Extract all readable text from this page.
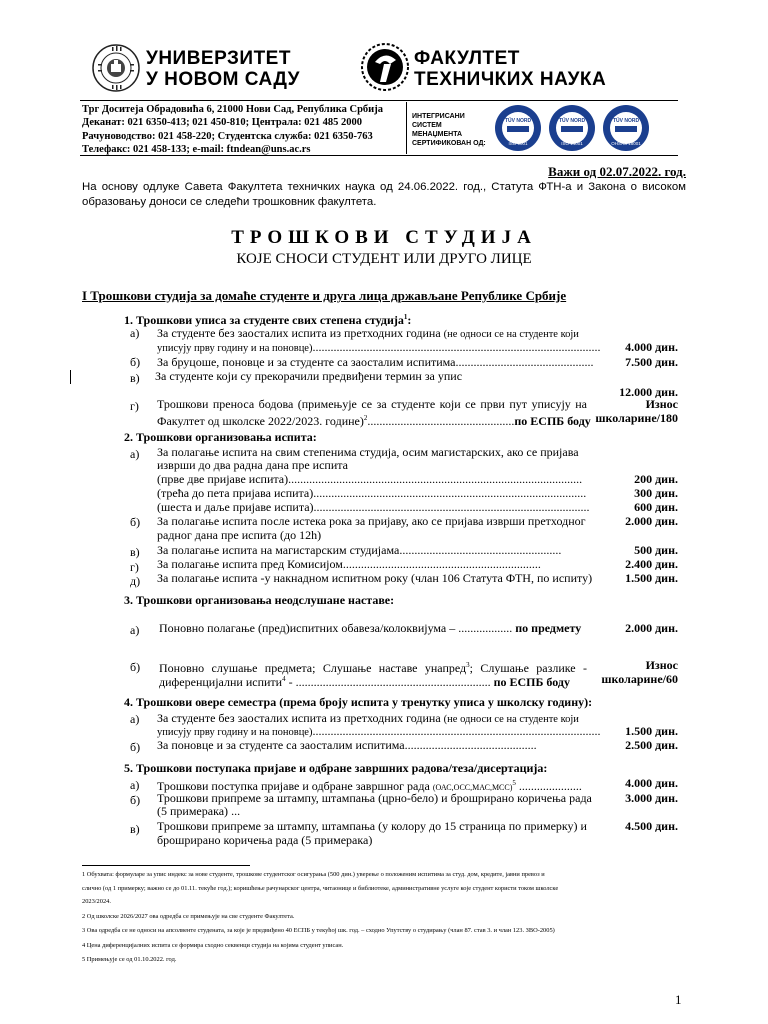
УНИВЕРЗИТЕТ
У НОВОМ САДУ
ФАКУЛТЕТ
ТЕХНИЧКИХ НАУКА
Трг Доситеја Обрадовића 6, 21000 Нови Сад, Република Србија
Деканат: 021 6350-413; 021 450-810; Централа: 021 485 2000
Рачуноводство: 021 458-220; Студентска служба: 021 6350-763
Телефакс: 021 458-133; e-mail: ftndean@uns.ac.rs
ИНТЕГРИСАНИ
СИСТЕМ
МЕНАЏМЕНТА
СЕРТИФИКОВАН ОД:
TÜV NORD
ISO 9001
TÜV NORD
ISO 14001
TÜV NORD
OHSAS 18001
Важи од 02.07.2022. год.
На основу одлуке Савета Факултета техничких наука од 24.06.2022. год., Статута ФТН-а и Закона о високом образовању доноси се следећи трошковник факултета.
ТРОШКОВИ СТУДИЈА
КОЈЕ СНОСИ СТУДЕНТ ИЛИ ДРУГО ЛИЦЕ
I Трошкови студија за домаће студенте и друга лица држављане Републике Србије
1. Трошкови уписа за студенте свих степена студија$^1$:
а) За студенте без заосталих испита из претходних година (не односи се на студенте који
уписују прву годину и на поновце)................................................................................................ 4.000 дин.
б) За бруцоше, поновце и за студенте са заосталим испитима..............................................	7.500 дин.
в) За студенте који су прекорачили предвиђени термин за упис
12.000 дин.
г) Трошкови преноса бодова (примењује се за студенте који се први пут уписују на
Факултет од школске 2022/2023. године)$^2$.................................................по ЕСПБ боду
Износ
школарине/180
2. Трошкови организовања испита:
а) За полагање испита на свим степенима студија, осим магистарских, ако се пријава
изврши до два радна дана пре испита
(прве две пријаве испита)..................................................................................................	200 дин.
(трећа до пета пријава испита)...........................................................................................	300 дин.
(шеста и даље пријаве испита)............................................................................................	600 дин.
б) За полагање испита после истека рока за пријаву, ако се пријава изврши претходног
радног дана пре испита (до 12h)
2.000 дин.
в) За полагање испита на магистарским студијама......................................................	500 дин.
г) За полагање испита пред Комисијом..................................................................	2.400 дин.
д) За полагање испита -у накнадном испитном року (члан 106 Статута ФТН, по испиту)	1.500 дин.
3. Трошкови организовања неодслушане наставе:
а) Поновно полагање (пред)испитних обавеза/колоквијума – .................. по предмету	2.000 дин.
б) Поновно слушање предмета; Слушање наставе унапред$^3$; Слушање разлике -
диференцијални испити$^4$ - ................................................................. по ЕСПБ боду
Износ
школарине/60
4. Трошкови овере семестра (према броју испита у тренутку уписа у школску годину):
а) За студенте без заосталих испита из претходних година (не односи се на студенте који
уписују прву годину и на поновце)................................................................................................ 1.500 дин.
б) За поновце и за студенте са заосталим испитима............................................	2.500 дин.
5. Трошкови поступака пријаве и одбране завршних радова/теза/дисертација:
а) Трошкови поступка пријаве и одбране завршног рада $(ОАС,ОСС,МАС,МСС)^5$ .....................	4.000 дин.
б) Трошкови припреме за штампу, штампања (црно-бело) и брошрирано коричења рада
(5 примерака) ...
3.000 дин.
в) Трошкови припреме за штампу, штампања (у колору до 15 страница по примерку) и
брошрирано коричења рада (5 примерака)
4.500 дин.
1 Обухвата: формуларе за упис индекс за нове студенте, трошкове студентског осигурања (500 дин.) уверење о положеним испитима за студ. дом, кредите, јавни превоз и
слично (од 1 примерку; важно се до 01.11. текуће год.); коришћење рачунарског центра, читаонице и библиотеке, административне услуге које студент користи током школске
2023/2024.
2 Од школске 2026/2027 ова одредба се примењује на све студенте Факултета.
3 Ова одредба се не односи на апсолвенте студената, за које је предвиђено 40 ЕСПБ у текућој шк. год. – сходно Упутству о студирању (члан 87. став 3. и члан 123. ЗВО-2005)
4 Цена диференцијалних испита се формира сходно секвенци студија на којима студент уписан.
5 Примењује се од 01.10.2022. год.
1
